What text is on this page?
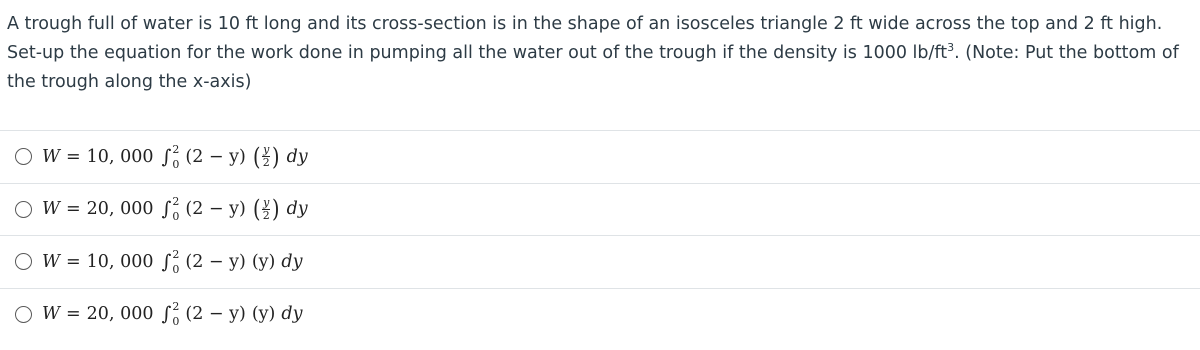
A trough full of water is 10 ft long and its cross-section is in the shape of an isosceles triangle 2 ft wide across the top and 2 ft high. Set-up the equation for the work done in pumping all the water out of the trough if the density is 1000 $lb/ft^3$. (Note: Put the bottom of the trough along the x-axis)
W = 10, 000 ∫ 2
0 (2 − y) ( $\frac{y}{2}$ ) dy
W = 20, 000 ∫ 2
0 (2 − y) ( $\frac{y}{2}$ ) dy
W = 10, 000 ∫ 2
0 (2 − y) (y) dy
W = 20, 000 ∫ 2
0 (2 − y) (y) dy
